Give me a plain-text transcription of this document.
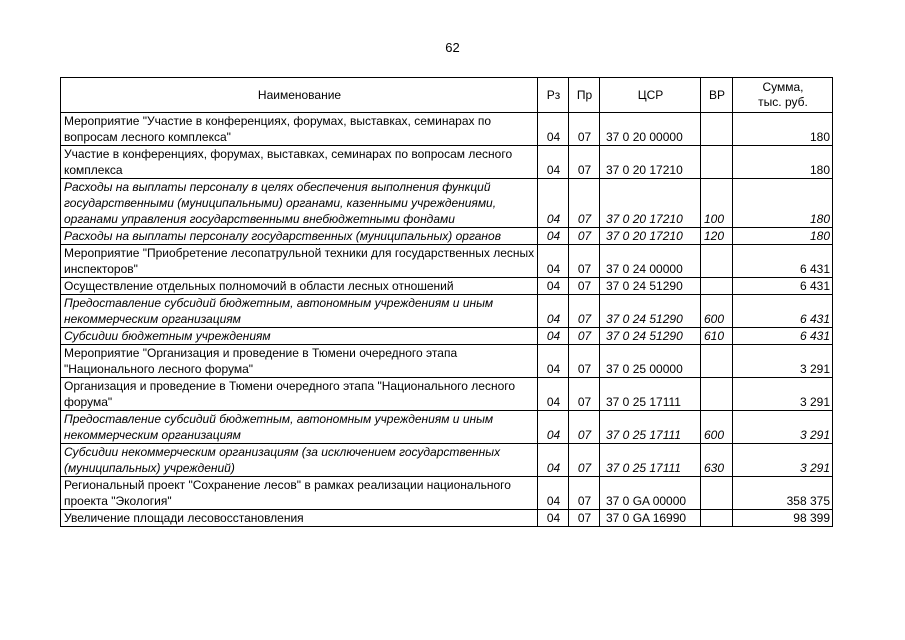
62
Наименование	Рз	Пр	ЦСР	ВР	Сумма,
тыс. руб.
Мероприятие "Участие в конференциях, форумах, выставках, семинарах по вопросам лесного комплекса"	04	07	37 0 20 00000		180
Участие в конференциях, форумах, выставках, семинарах по вопросам лесного комплекса	04	07	37 0 20 17210		180
Расходы на выплаты персоналу в целях обеспечения выполнения функций государственными (муниципальными) органами, казенными учреждениями, органами управления государственными внебюджетными фондами	04	07	37 0 20 17210	100	180
Расходы на выплаты персоналу государственных (муниципальных) органов	04	07	37 0 20 17210	120	180
Мероприятие "Приобретение лесопатрульной техники для государственных лесных инспекторов"	04	07	37 0 24 00000		6 431
Осуществление отдельных полномочий в области лесных отношений	04	07	37 0 24 51290		6 431
Предоставление субсидий бюджетным, автономным учреждениям и иным некоммерческим организациям	04	07	37 0 24 51290	600	6 431
Субсидии бюджетным учреждениям	04	07	37 0 24 51290	610	6 431
Мероприятие "Организация и проведение в Тюмени очередного этапа "Национального лесного форума"	04	07	37 0 25 00000		3 291
Организация и проведение в Тюмени очередного этапа "Национального лесного форума"	04	07	37 0 25 17111		3 291
Предоставление субсидий бюджетным, автономным учреждениям и иным некоммерческим организациям	04	07	37 0 25 17111	600	3 291
Субсидии некоммерческим организациям (за исключением государственных (муниципальных) учреждений)	04	07	37 0 25 17111	630	3 291
Региональный проект "Сохранение лесов" в рамках реализации национального проекта "Экология"	04	07	37 0 GA 00000		358 375
Увеличение площади лесовосстановления	04	07	37 0 GA 16990		98 399
